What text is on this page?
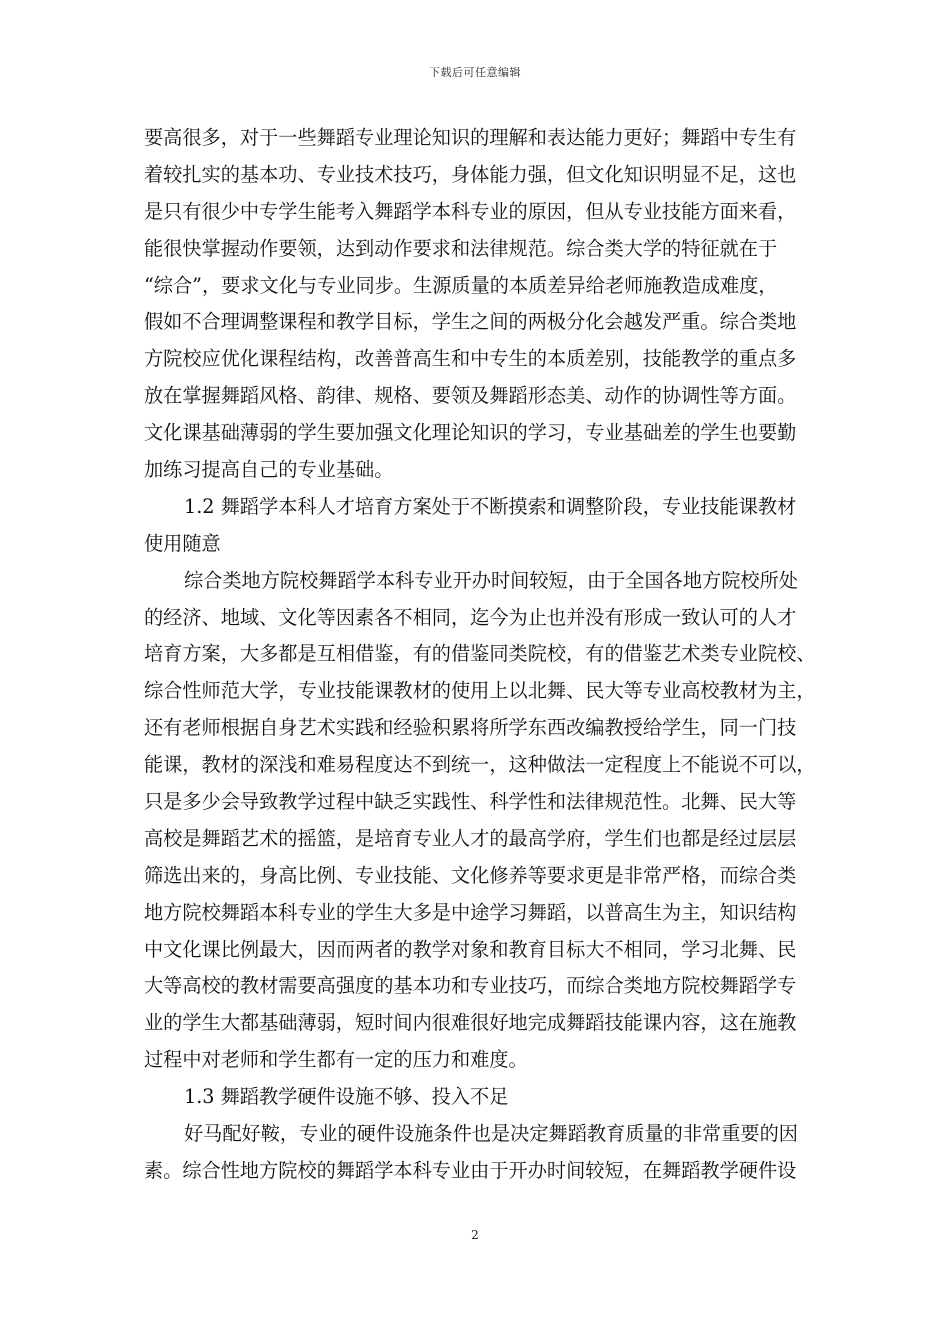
下载后可任意编辑
要高很多，对于一些舞蹈专业理论知识的理解和表达能力更好；舞蹈中专生有
着较扎实的基本功、专业技术技巧，身体能力强，但文化知识明显不足，这也
是只有很少中专学生能考入舞蹈学本科专业的原因，但从专业技能方面来看，
能很快掌握动作要领，达到动作要求和法律规范。综合类大学的特征就在于
“综合”，要求文化与专业同步。生源质量的本质差异给老师施教造成难度，
假如不合理调整课程和教学目标，学生之间的两极分化会越发严重。综合类地
方院校应优化课程结构，改善普高生和中专生的本质差别，技能教学的重点多
放在掌握舞蹈风格、韵律、规格、要领及舞蹈形态美、动作的协调性等方面。
文化课基础薄弱的学生要加强文化理论知识的学习，专业基础差的学生也要勤
加练习提高自己的专业基础。
1.2 舞蹈学本科人才培育方案处于不断摸索和调整阶段，专业技能课教材
使用随意
综合类地方院校舞蹈学本科专业开办时间较短，由于全国各地方院校所处
的经济、地域、文化等因素各不相同，迄今为止也并没有形成一致认可的人才
培育方案，大多都是互相借鉴，有的借鉴同类院校，有的借鉴艺术类专业院校、
综合性师范大学，专业技能课教材的使用上以北舞、民大等专业高校教材为主，
还有老师根据自身艺术实践和经验积累将所学东西改编教授给学生，同一门技
能课，教材的深浅和难易程度达不到统一，这种做法一定程度上不能说不可以，
只是多少会导致教学过程中缺乏实践性、科学性和法律规范性。北舞、民大等
高校是舞蹈艺术的摇篮，是培育专业人才的最高学府，学生们也都是经过层层
筛选出来的，身高比例、专业技能、文化修养等要求更是非常严格，而综合类
地方院校舞蹈本科专业的学生大多是中途学习舞蹈，以普高生为主，知识结构
中文化课比例最大，因而两者的教学对象和教育目标大不相同，学习北舞、民
大等高校的教材需要高强度的基本功和专业技巧，而综合类地方院校舞蹈学专
业的学生大都基础薄弱，短时间内很难很好地完成舞蹈技能课内容，这在施教
过程中对老师和学生都有一定的压力和难度。
1.3 舞蹈教学硬件设施不够、投入不足
好马配好鞍，专业的硬件设施条件也是决定舞蹈教育质量的非常重要的因
素。综合性地方院校的舞蹈学本科专业由于开办时间较短，在舞蹈教学硬件设
2
